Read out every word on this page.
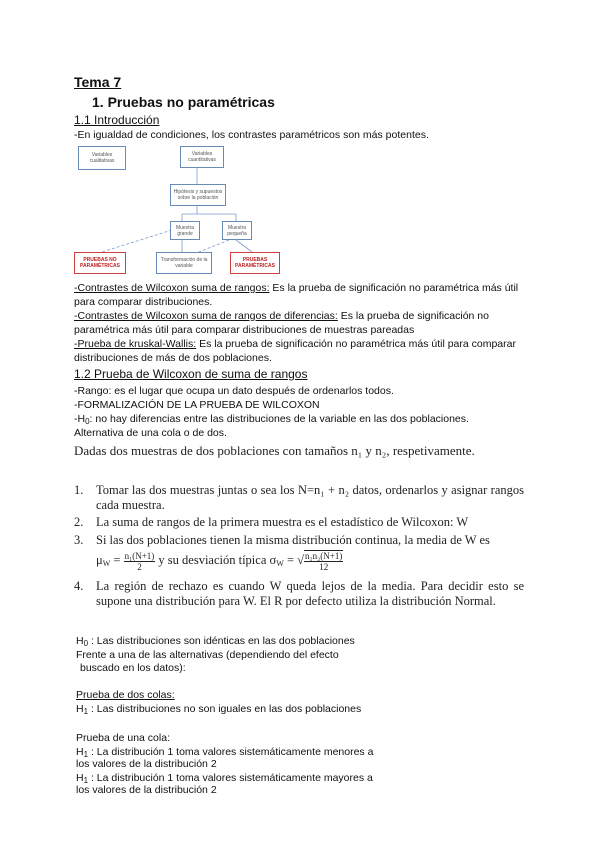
Tema 7
1. Pruebas no paramétricas
1.1 Introducción
-En igualdad de condiciones, los contrastes paramétricos son más potentes.
Variables cualitativas
Variables cuantitativas
Hipótesis y supuestos sobre la población
Muestra grande
Muestra pequeña
PRUEBAS NO PARAMÉTRICAS
Transformación de la variable
PRUEBAS PARAMÉTRICAS
-Contrastes de Wilcoxon suma de rangos: Es la prueba de significación no paramétrica más útil para comparar distribuciones.
-Contrastes de Wilcoxon suma de rangos de diferencias: Es la prueba de significación no paramétrica más útil para comparar distribuciones de muestras pareadas
-Prueba de kruskal-Wallis: Es la prueba de significación no paramétrica más útil para comparar distribuciones de más de dos poblaciones.
1.2 Prueba de Wilcoxon de suma de rangos
-Rango: es el lugar que ocupa un dato después de ordenarlos todos.
-FORMALIZACIÓN DE LA PRUEBA DE WILCOXON
$-H_0$: no hay diferencias entre las distribuciones de la variable en las dos poblaciones.
Alternativa de una cola o de dos.
Dadas dos muestras de dos poblaciones con tamaños n₁ y n₂, respetivamente.
1. Tomar las dos muestras juntas o sea los N=n₁ + n₂ datos, ordenarlos y asignar rangos cada muestra.
2. La suma de rangos de la primera muestra es el estadístico de Wilcoxon: W
3. Si las dos poblaciones tienen la misma distribución continua, la media de W es
$\mu_W = \frac{\text{n₁(N+1)}}{2}$ y su desviación típica $\sigma_W$ = √ $\frac{\text{n₁n₂(N+1)}}{12}$
4. La región de rechazo es cuando W queda lejos de la media. Para decidir esto se supone una distribución para W. El R por defecto utiliza la distribución Normal.
$H_0$ : Las distribuciones son idénticas en las dos poblaciones
Frente a una de las alternativas (dependiendo del efecto
buscado en los datos):
Prueba de dos colas:
$H_1$ : Las distribuciones no son iguales en las dos poblaciones
Prueba de una cola:
$H_1$ : La distribución 1 toma valores sistemáticamente menores a
los valores de la distribución 2
$H_1$ : La distribución 1 toma valores sistemáticamente mayores a
los valores de la distribución 2
